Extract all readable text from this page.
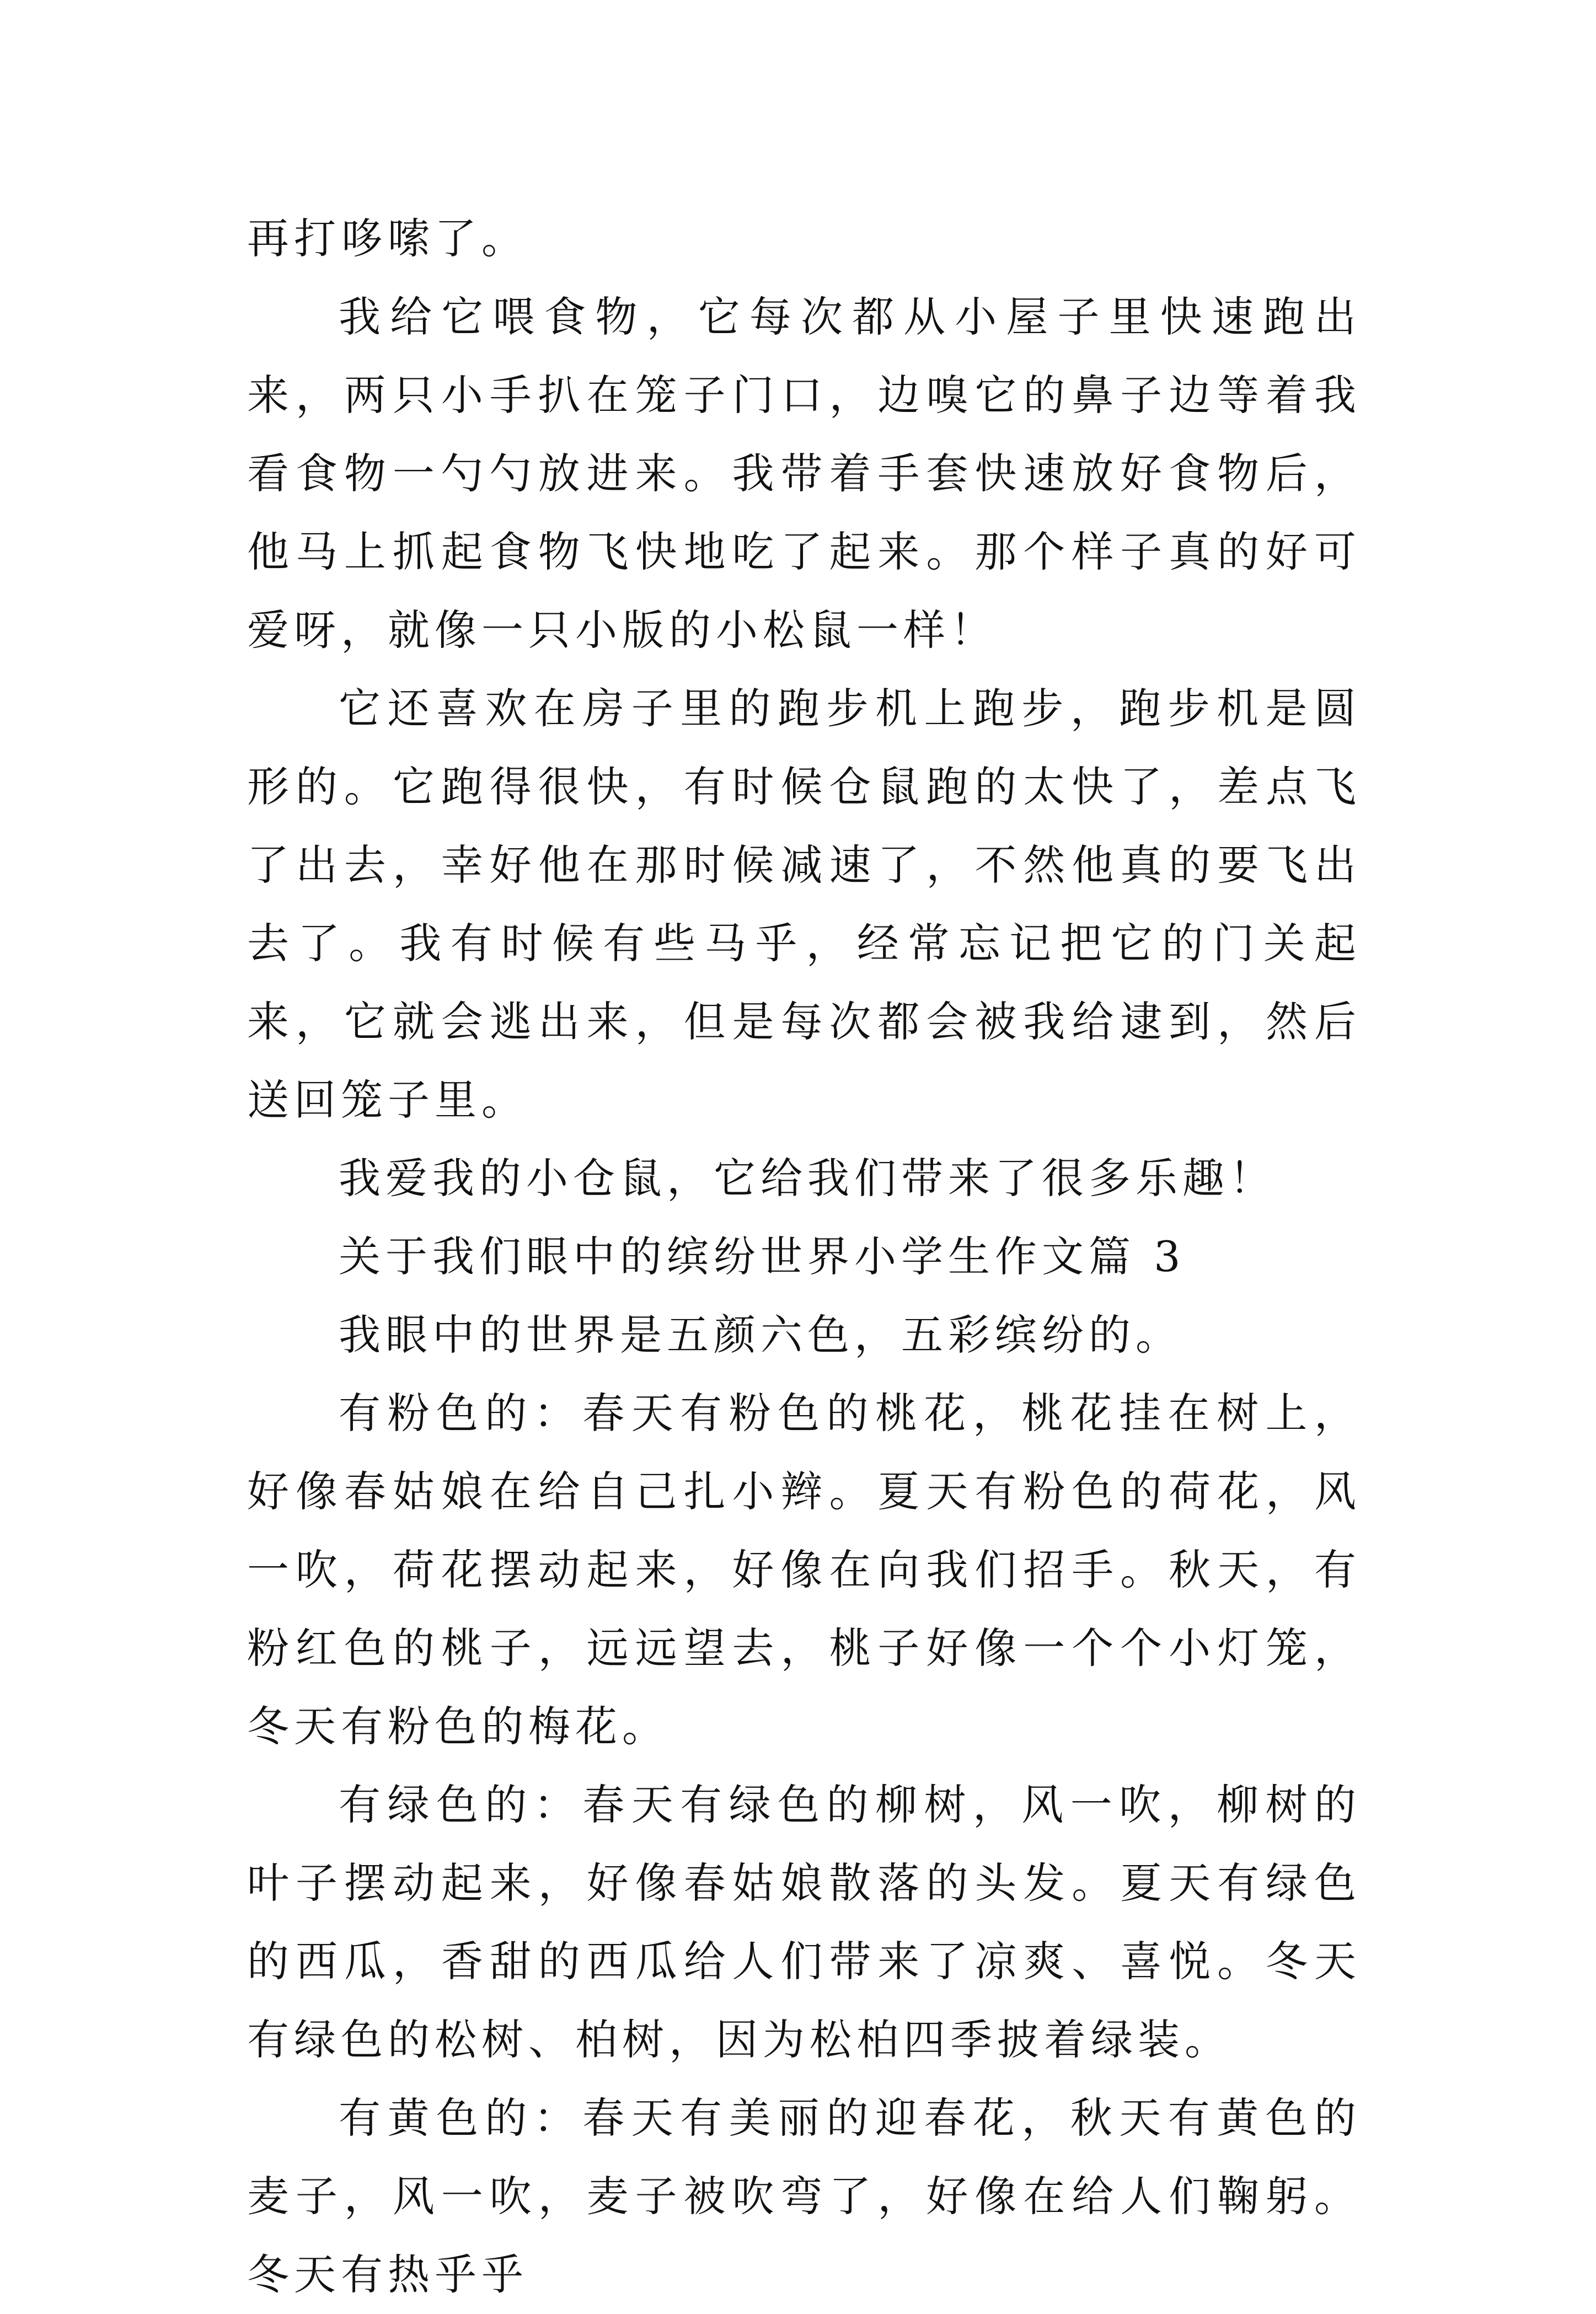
再打哆嗦了。

我给它喂食物，它每次都从小屋子里快速跑出来，两只小手扒在笼子门口，边嗅它的鼻子边等着我看食物一勺勺放进来。我带着手套快速放好食物后，他马上抓起食物飞快地吃了起来。那个样子真的好可爱呀，就像一只小版的小松鼠一样！

它还喜欢在房子里的跑步机上跑步，跑步机是圆形的。它跑得很快，有时候仓鼠跑的太快了，差点飞了出去，幸好他在那时候减速了，不然他真的要飞出去了。我有时候有些马乎，经常忘记把它的门关起来，它就会逃出来，但是每次都会被我给逮到，然后送回笼子里。

我爱我的小仓鼠，它给我们带来了很多乐趣！

关于我们眼中的缤纷世界小学生作文篇 3

我眼中的世界是五颜六色，五彩缤纷的。

有粉色的：春天有粉色的桃花，桃花挂在树上，好像春姑娘在给自己扎小辫。夏天有粉色的荷花，风一吹，荷花摆动起来，好像在向我们招手。秋天，有粉红色的桃子，远远望去，桃子好像一个个小灯笼，冬天有粉色的梅花。

有绿色的：春天有绿色的柳树，风一吹，柳树的叶子摆动起来，好像春姑娘散落的头发。夏天有绿色的西瓜，香甜的西瓜给人们带来了凉爽、喜悦。冬天有绿色的松树、柏树，因为松柏四季披着绿装。

有黄色的：春天有美丽的迎春花，秋天有黄色的麦子，风一吹，麦子被吹弯了，好像在给人们鞠躬。冬天有热乎乎
